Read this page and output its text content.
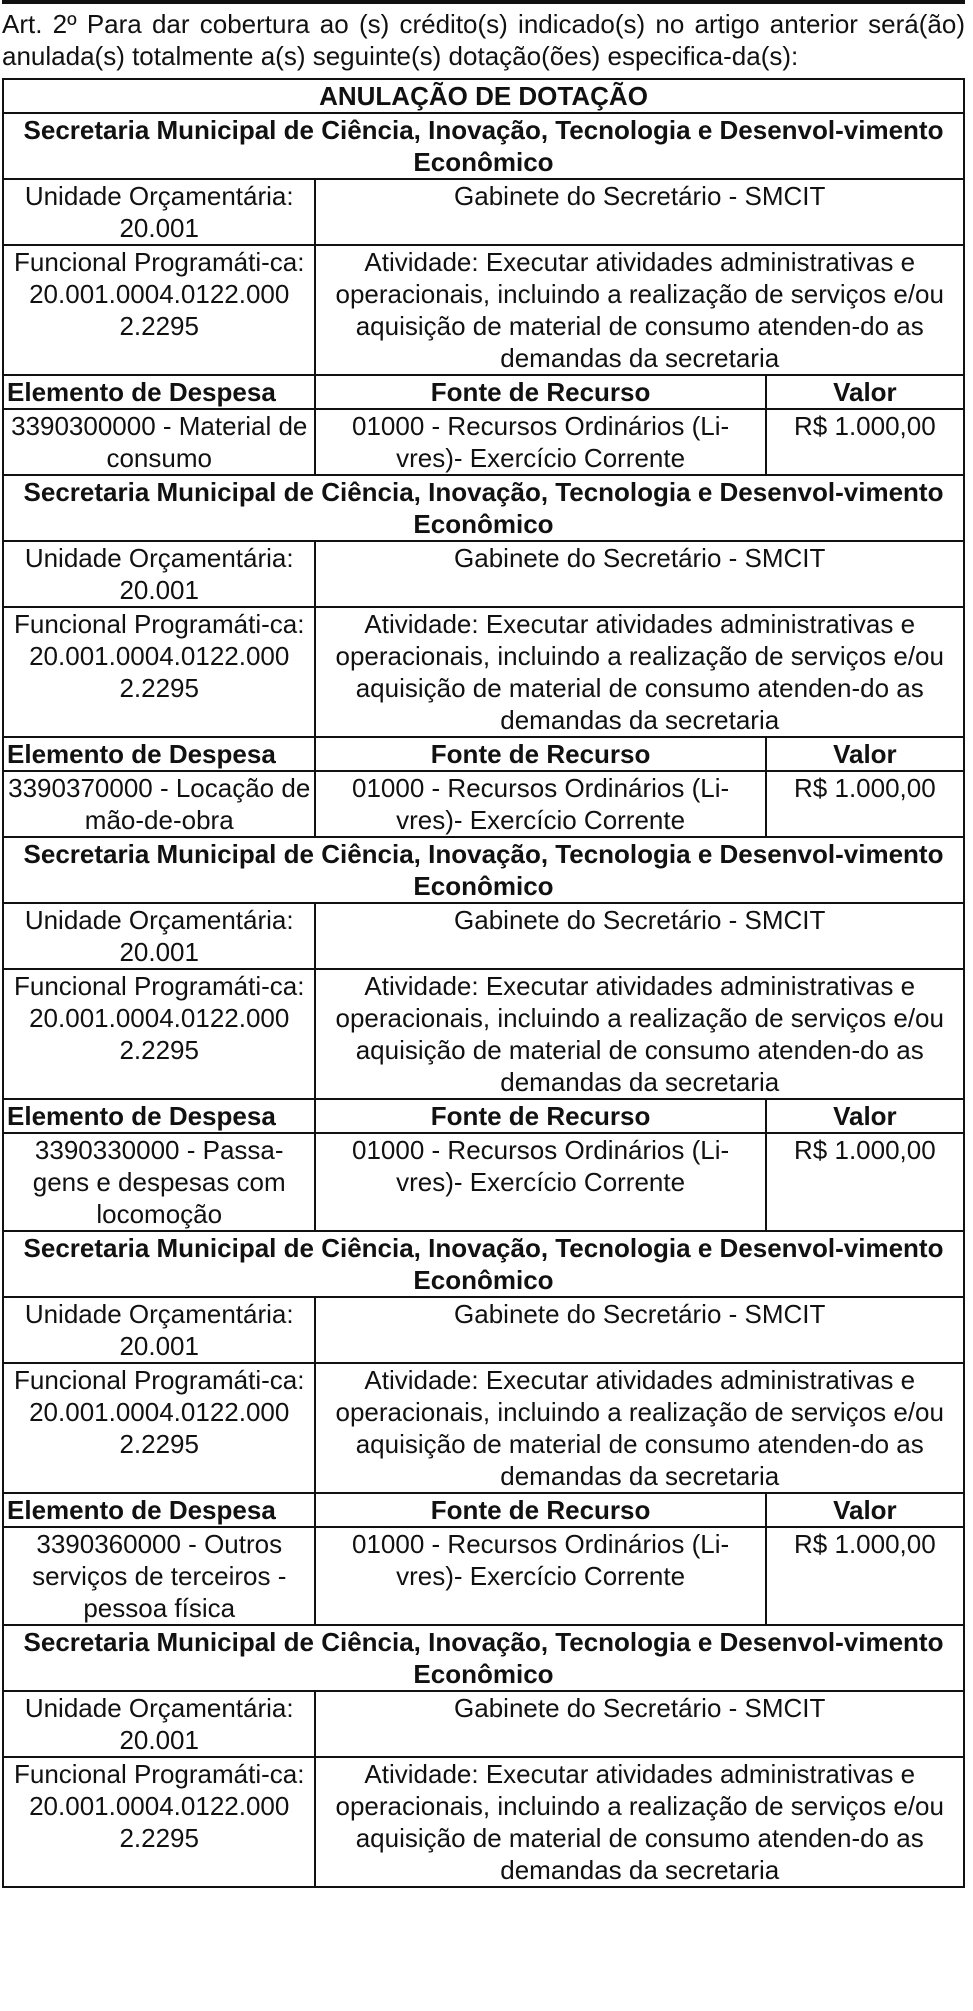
Art. 2º Para dar cobertura ao (s) crédito(s) indicado(s) no artigo anterior será(ão) anulada(s) totalmente a(s) seguinte(s) dotação(ões) especifica-da(s):

ANULAÇÃO DE DOTAÇÃO		
Secretaria Municipal de Ciência, Inovação, Tecnologia e Desenvol-vimento Econômico		
Unidade Orçamentária: 20.001	Gabinete do Secretário - SMCIT	
Funcional Programáti-ca: 20.001.0004.0122.000 2.2295	Atividade: Executar atividades administrativas e operacionais, incluindo a realização de serviços e/ou aquisição de material de consumo atenden-do as demandas da secretaria	
Elemento de Despesa	Fonte de Recurso	Valor
3390300000 - Material de consumo	01000 - Recursos Ordinários (Li-vres)- Exercício Corrente	R$ 1.000,00
Secretaria Municipal de Ciência, Inovação, Tecnologia e Desenvol-vimento Econômico		
Unidade Orçamentária: 20.001	Gabinete do Secretário - SMCIT	
Funcional Programáti-ca: 20.001.0004.0122.000 2.2295	Atividade: Executar atividades administrativas e operacionais, incluindo a realização de serviços e/ou aquisição de material de consumo atenden-do as demandas da secretaria	
Elemento de Despesa	Fonte de Recurso	Valor
3390370000 - Locação de mão-de-obra	01000 - Recursos Ordinários (Li-vres)- Exercício Corrente	R$ 1.000,00
Secretaria Municipal de Ciência, Inovação, Tecnologia e Desenvol-vimento Econômico		
Unidade Orçamentária: 20.001	Gabinete do Secretário - SMCIT	
Funcional Programáti-ca: 20.001.0004.0122.000 2.2295	Atividade: Executar atividades administrativas e operacionais, incluindo a realização de serviços e/ou aquisição de material de consumo atenden-do as demandas da secretaria	
Elemento de Despesa	Fonte de Recurso	Valor
3390330000 - Passa-gens e despesas com locomoção	01000 - Recursos Ordinários (Li-vres)- Exercício Corrente	R$ 1.000,00
Secretaria Municipal de Ciência, Inovação, Tecnologia e Desenvol-vimento Econômico		
Unidade Orçamentária: 20.001	Gabinete do Secretário - SMCIT	
Funcional Programáti-ca: 20.001.0004.0122.000 2.2295	Atividade: Executar atividades administrativas e operacionais, incluindo a realização de serviços e/ou aquisição de material de consumo atenden-do as demandas da secretaria	
Elemento de Despesa	Fonte de Recurso	Valor
3390360000 - Outros serviços de terceiros - pessoa física	01000 - Recursos Ordinários (Li-vres)- Exercício Corrente	R$ 1.000,00
Secretaria Municipal de Ciência, Inovação, Tecnologia e Desenvol-vimento Econômico		
Unidade Orçamentária: 20.001	Gabinete do Secretário - SMCIT	
Funcional Programáti-ca: 20.001.0004.0122.000 2.2295	Atividade: Executar atividades administrativas e operacionais, incluindo a realização de serviços e/ou aquisição de material de consumo atenden-do as demandas da secretaria	
